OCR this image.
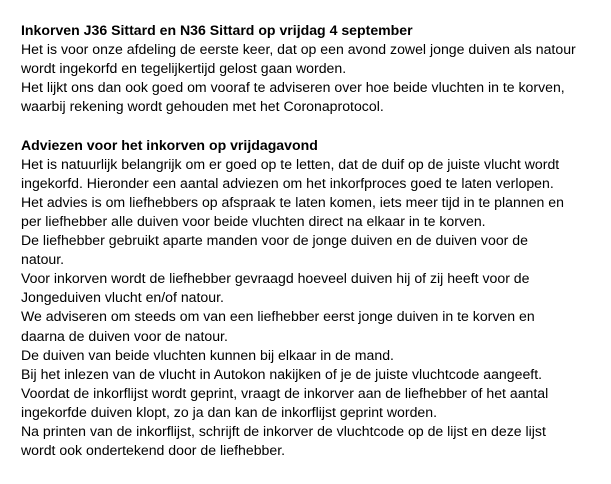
Inkorven J36 Sittard en N36 Sittard op vrijdag 4 september
Het is voor onze afdeling de eerste keer, dat op een avond zowel jonge duiven als natour
wordt ingekorfd en tegelijkertijd gelost gaan worden.
Het lijkt ons dan ook goed om vooraf te adviseren over hoe beide vluchten in te korven,
waarbij rekening wordt gehouden met het Coronaprotocol.
Adviezen voor het inkorven op vrijdagavond
Het is natuurlijk belangrijk om er goed op te letten, dat de duif op de juiste vlucht wordt
ingekorfd. Hieronder een aantal adviezen om het inkorfproces goed te laten verlopen.
Het advies is om liefhebbers op afspraak te laten komen, iets meer tijd in te plannen en
per liefhebber alle duiven voor beide vluchten direct na elkaar in te korven.
De liefhebber gebruikt aparte manden voor de jonge duiven en de duiven voor de
natour.
Voor inkorven wordt de liefhebber gevraagd hoeveel duiven hij of zij heeft voor de
Jongeduiven vlucht en/of natour.
We adviseren om steeds om van een liefhebber eerst jonge duiven in te korven en
daarna de duiven voor de natour.
De duiven van beide vluchten kunnen bij elkaar in de mand.
Bij het inlezen van de vlucht in Autokon nakijken of je de juiste vluchtcode aangeeft.
Voordat de inkorflijst wordt geprint, vraagt de inkorver aan de liefhebber of het aantal
ingekorfde duiven klopt, zo ja dan kan de inkorflijst geprint worden.
Na printen van de inkorflijst, schrijft de inkorver de vluchtcode op de lijst en deze lijst
wordt ook ondertekend door de liefhebber.
